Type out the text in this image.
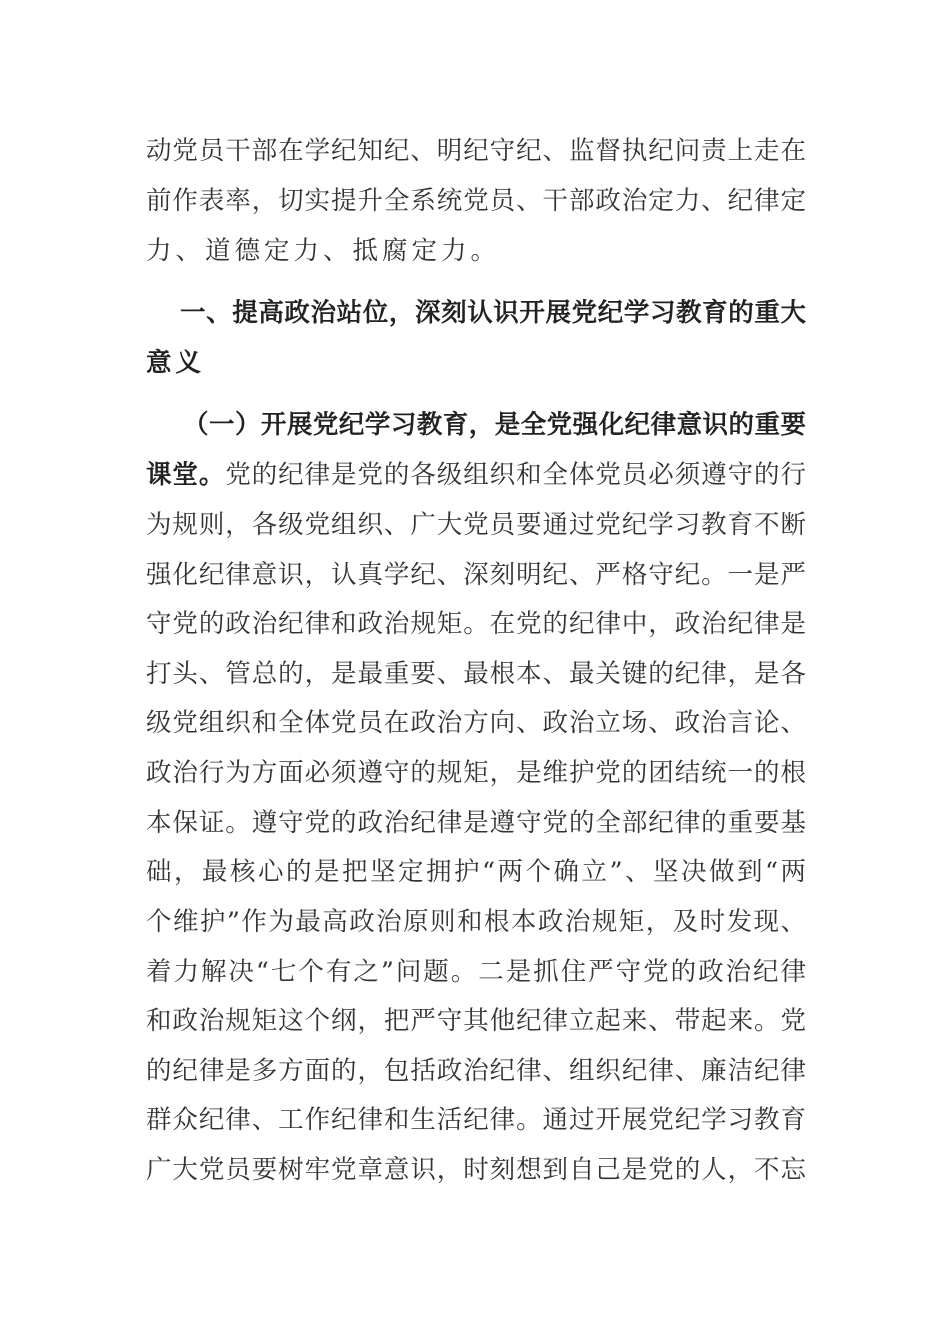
动党员干部在学纪知纪、明纪守纪、监督执纪问责上走在
前作表率，切实提升全系统党员、干部政治定力、纪律定
力、道德定力、抵腐定力。
一、提高政治站位，深刻认识开展党纪学习教育的重大
意义
（一）开展党纪学习教育，是全党强化纪律意识的重要
课堂。党的纪律是党的各级组织和全体党员必须遵守的行
为规则，各级党组织、广大党员要通过党纪学习教育不断
强化纪律意识，认真学纪、深刻明纪、严格守纪。一是严
守党的政治纪律和政治规矩。在党的纪律中，政治纪律是
打头、管总的，是最重要、最根本、最关键的纪律，是各
级党组织和全体党员在政治方向、政治立场、政治言论、
政治行为方面必须遵守的规矩，是维护党的团结统一的根
本保证。遵守党的政治纪律是遵守党的全部纪律的重要基
础，最核心的是把坚定拥护“两个确立”、坚决做到“两
个维护”作为最高政治原则和根本政治规矩，及时发现、
着力解决“七个有之”问题。二是抓住严守党的政治纪律
和政治规矩这个纲，把严守其他纪律立起来、带起来。党
的纪律是多方面的，包括政治纪律、组织纪律、廉洁纪律
群众纪律、工作纪律和生活纪律。通过开展党纪学习教育
广大党员要树牢党章意识，时刻想到自己是党的人，不忘
